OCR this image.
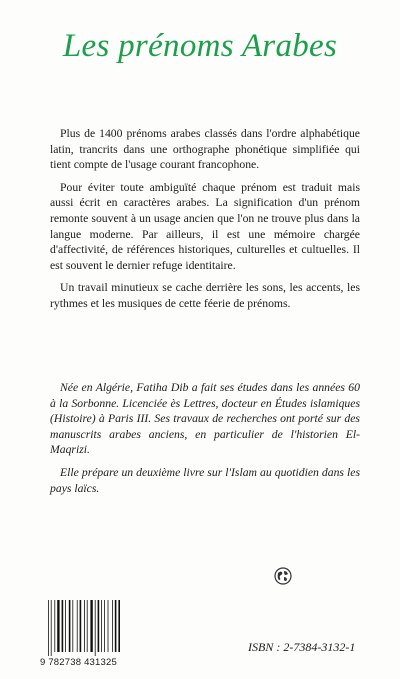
Les prénoms Arabes

Plus de 1400 prénoms arabes classés dans l'ordre alphabétique latin, trancrits dans une orthographe phonétique simplifiée qui tient compte de l'usage courant francophone.

Pour éviter toute ambiguïté chaque prénom est traduit mais aussi écrit en caractères arabes. La signification d'un prénom remonte souvent à un usage ancien que l'on ne trouve plus dans la langue moderne. Par ailleurs, il est une mémoire chargée d'affectivité, de références historiques, culturelles et cultuelles. Il est souvent le dernier refuge identitaire.

Un travail minutieux se cache derrière les sons, les accents, les rythmes et les musiques de cette féerie de prénoms.

Née en Algérie, Fatiha Dib a fait ses études dans les années 60 à la Sorbonne. Licenciée ès Lettres, docteur en Études islamiques (Histoire) à Paris III. Ses travaux de recherches ont porté sur des manuscrits arabes anciens, en particulier de l'historien El-Maqrizi.

Elle prépare un deuxième livre sur l'Islam au quotidien dans les pays laïcs.

9 782738 431325
ISBN : 2-7384-3132-1
